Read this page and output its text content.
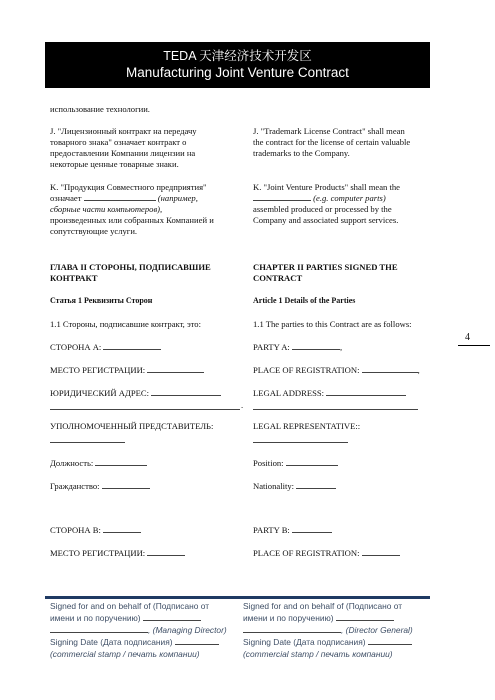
TEDA 天津经济技术开发区
Manufacturing Joint Venture Contract
4
использование технологии.
J. "Лицензионный контракт на передачу
товарного знака" означает контракт о
предоставлении Компании лицензии на
некоторые ценные товарные знаки.
J. "Trademark License Contract" shall mean
the contract for the license of certain valuable
trademarks to the Company.
K. "Продукция Совместного предприятия"
означает	(например,
сборные части компьютеров),
произведенных или собранных Компанией и
сопутствующие услуги.
K. "Joint Venture Products" shall mean the
(e.g. computer parts)
assembled produced or processed by the
Company and associated support services.
ГЛАВА II СТОРОНЫ, ПОДПИСАВШИЕ
КОНТРАКТ
CHAPTER II PARTIES SIGNED THE
CONTRACT
Статья 1 Реквизиты Сторон	Article 1 Details of the Parties
1.1 Стороны, подписавшие контракт, это:	1.1 The parties to this Contract are as follows:
СТОРОНА А:	PARTY A:	,
МЕСТО РЕГИСТРАЦИИ:	PLACE OF REGISTRATION:	,
ЮРИДИЧЕСКИЙ АДРЕС:	LEGAL ADDRESS:
.
УПОЛНОМОЧЕННЫЙ ПРЕДСТАВИТЕЛЬ:	LEGAL REPRESENTATIVE::
Должность:	Position:
Гражданство:	Nationality:
СТОРОНА В:	PARTY B:
МЕСТО РЕГИСТРАЦИИ:	PLACE OF REGISTRATION:
Signed for and on behalf of (Подписано от
имени и по поручению)
, (Managing Director)
Signing Date (Дата подписания)
(commercial stamp / печать компании)
Signed for and on behalf of (Подписано от
имени и по поручению)
, (Director General)
Signing Date (Дата подписания)
(commercial stamp / печать компании)
